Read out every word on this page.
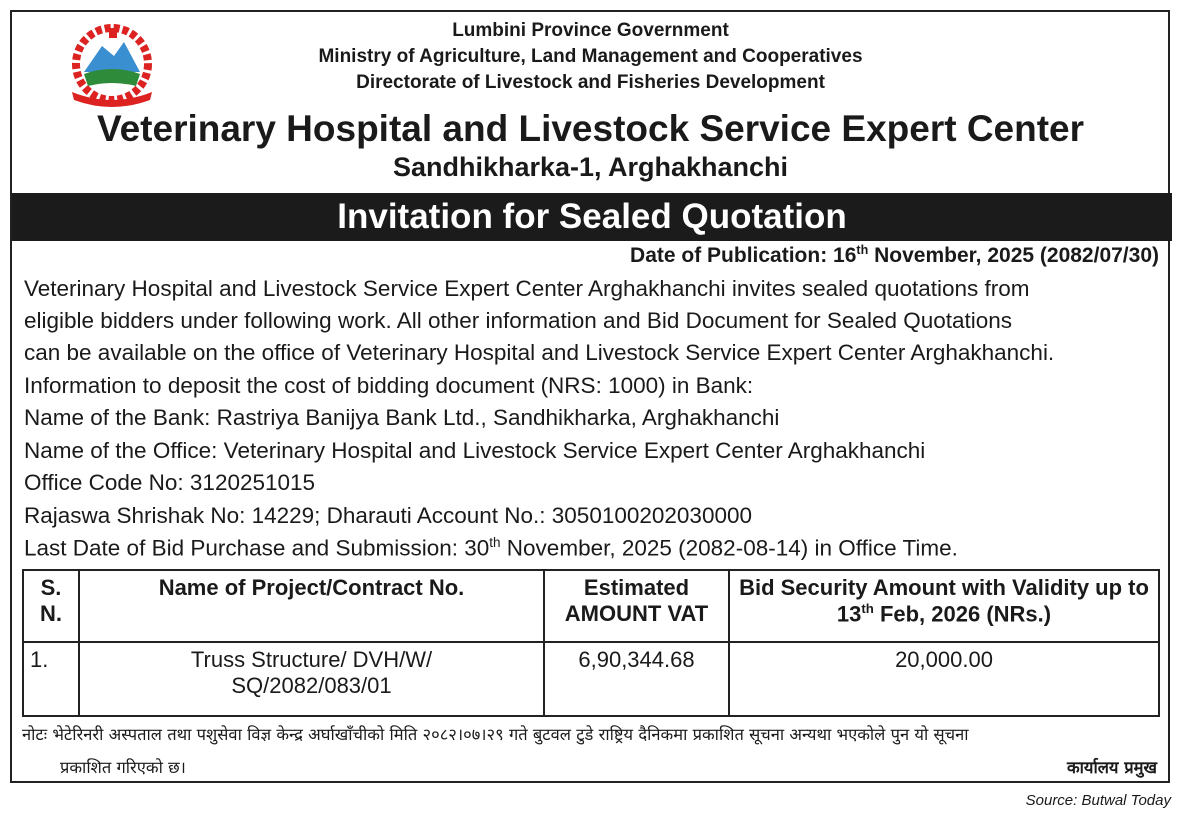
Lumbini Province Government
Ministry of Agriculture, Land Management and Cooperatives
Directorate of Livestock and Fisheries Development
Veterinary Hospital and Livestock Service Expert Center
Sandhikharka-1, Arghakhanchi
Invitation for Sealed Quotation
Date of Publication: 16th November, 2025 (2082/07/30)
Veterinary Hospital and Livestock Service Expert Center Arghakhanchi invites sealed quotations from
eligible bidders under following work. All other information and Bid Document for Sealed Quotations
can be available on the office of Veterinary Hospital and Livestock Service Expert Center Arghakhanchi.
Information to deposit the cost of bidding document (NRS: 1000) in Bank:
Name of the Bank: Rastriya Banijya Bank Ltd., Sandhikharka, Arghakhanchi
Name of the Office: Veterinary Hospital and Livestock Service Expert Center Arghakhanchi
Office Code No: 3120251015
Rajaswa Shrishak No: 14229; Dharauti Account No.: 3050100202030000
Last Date of Bid Purchase and Submission: 30th November, 2025 (2082-08-14) in Office Time.
S. N.	Name of Project/Contract No.	Estimated AMOUNT VAT	Bid Security Amount with Validity up to 13th Feb, 2026 (NRs.)
1.	Truss Structure/ DVH/W/ SQ/2082/083/01	6,90,344.68	20,000.00
नोटः भेटेरिनरी अस्पताल तथा पशुसेवा विज्ञ केन्द्र अर्घाखाँचीको मिति २०८२।०७।२९ गते बुटवल टुडे राष्ट्रिय दैनिकमा प्रकाशित सूचना अन्यथा भएकोले पुन यो सूचना
प्रकाशित गरिएको छ।	कार्यालय प्रमुख
Source: Butwal Today
